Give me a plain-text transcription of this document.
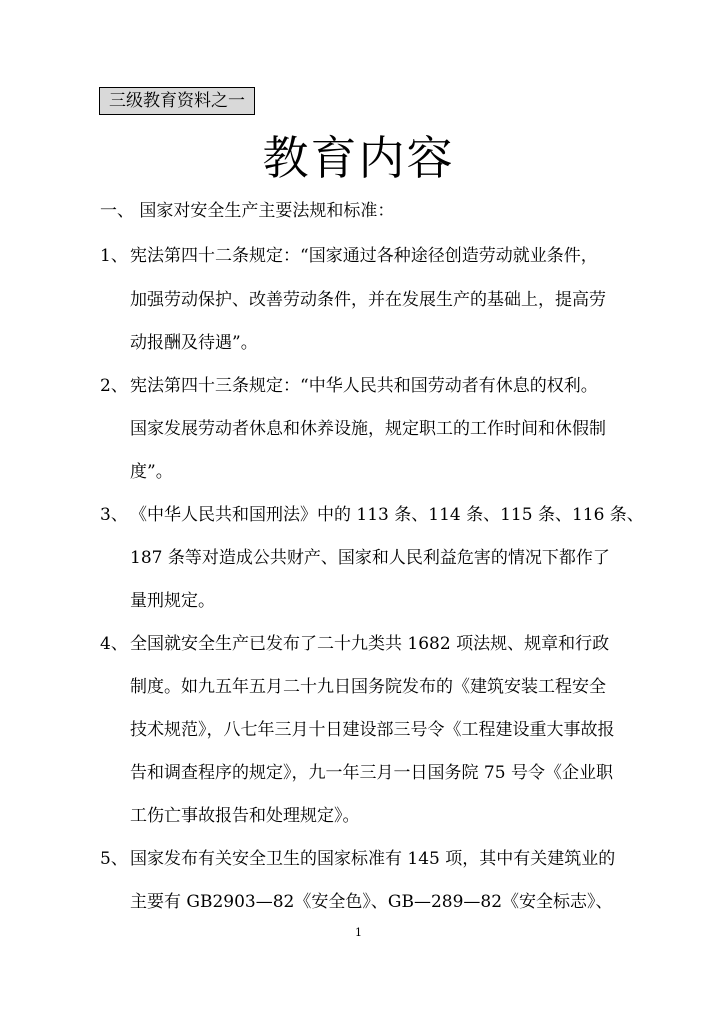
三级教育资料之一
教育内容
一、 国家对安全生产主要法规和标准：
1、 宪法第四十二条规定：“国家通过各种途径创造劳动就业条件，
加强劳动保护、改善劳动条件，并在发展生产的基础上，提高劳
动报酬及待遇”。
2、 宪法第四十三条规定：“中华人民共和国劳动者有休息的权利。
国家发展劳动者休息和休养设施，规定职工的工作时间和休假制
度”。
3、 《中华人民共和国刑法》中的 113 条、114 条、115 条、116 条、
187 条等对造成公共财产、国家和人民利益危害的情况下都作了
量刑规定。
4、 全国就安全生产已发布了二十九类共 1682 项法规、规章和行政
制度。如九五年五月二十九日国务院发布的《建筑安装工程安全
技术规范》，八七年三月十日建设部三号令《工程建设重大事故报
告和调查程序的规定》，九一年三月一日国务院 75 号令《企业职
工伤亡事故报告和处理规定》。
5、 国家发布有关安全卫生的国家标准有 145 项，其中有关建筑业的
主要有 GB2903—82《安全色》、GB—289—82《安全标志》、
1
